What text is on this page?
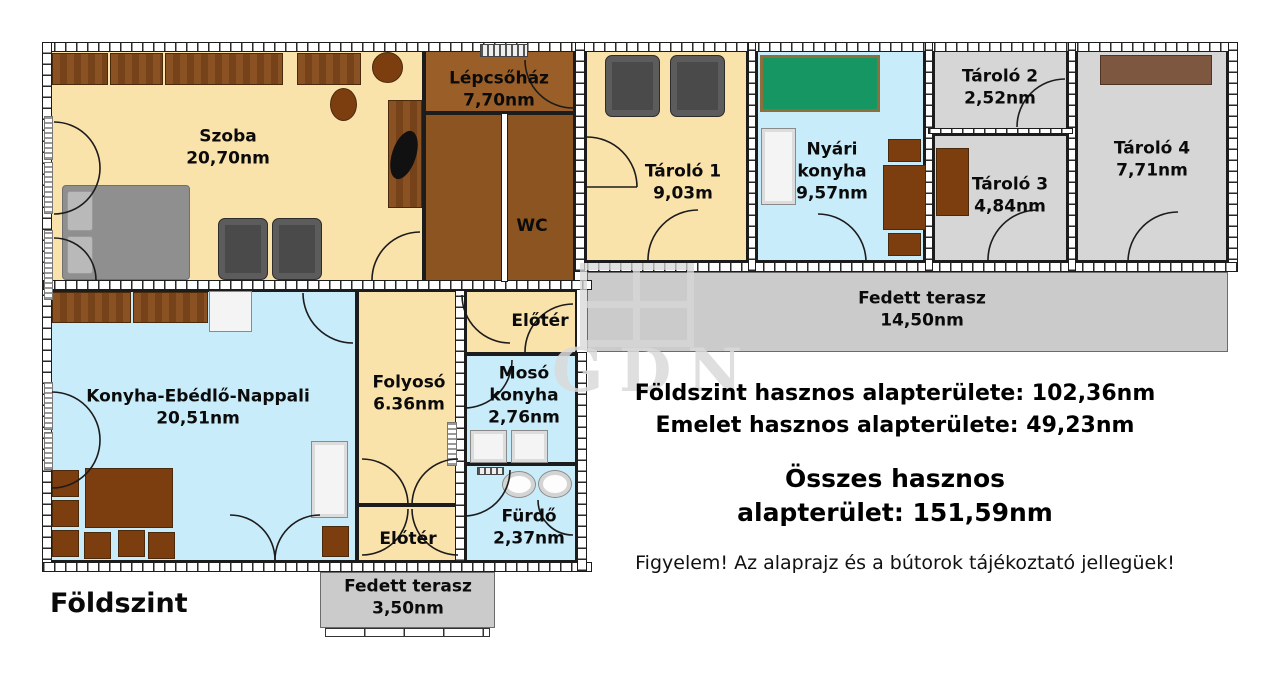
GDN
Szoba
20,70nm
Lépcsőház
7,70nm
WC
Tároló 1
9,03m
Nyári konyha
9,57nm
Tároló 2
2,52nm
Tároló 3
4,84nm
Tároló 4
7,71nm
Fedett terasz
14,50nm
Konyha-Ebédlő-Nappali
20,51nm
Folyosó
6.36nm
Előtér
Mosó konyha
2,76nm
Fürdő
2,37nm
Előtér
Fedett terasz
3,50nm
Földszint hasznos alapterülete: 102,36nm
Emelet hasznos alapterülete: 49,23nm
Összes hasznos
alapterület: 151,59nm
Figyelem! Az alaprajz és a bútorok tájékoztató jellegüek!
Földszint
